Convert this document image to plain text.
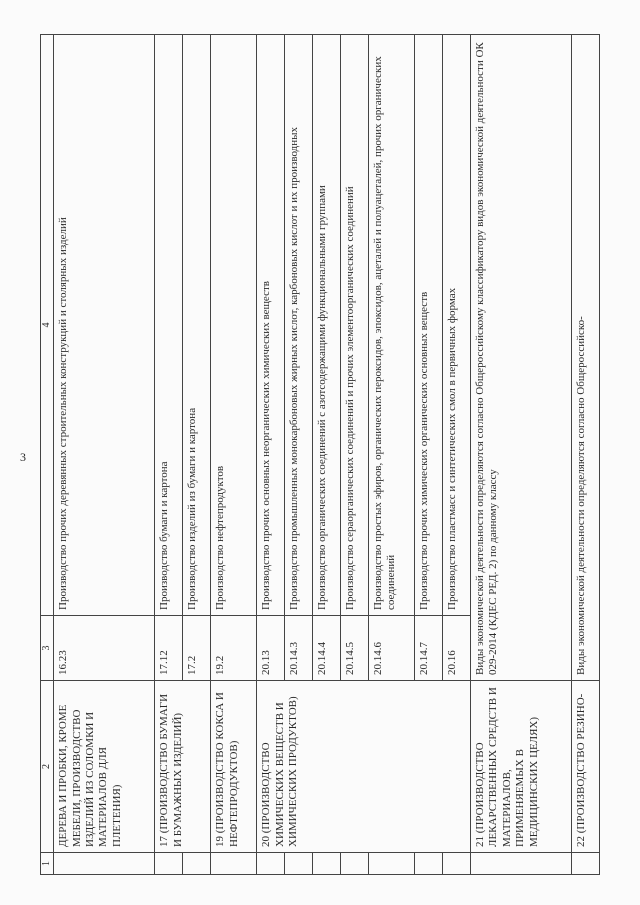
3
1	2	3	4
	ДЕРЕВА И ПРОБКИ, КРОМЕ МЕБЕЛИ, ПРОИЗВОДСТВО ИЗДЕЛИЙ ИЗ СОЛОМКИ И МАТЕРИАЛОВ ДЛЯ ПЛЕТЕНИЯ)	16.23	Производство прочих деревянных строительных конструкций и столярных изделий
	17 (ПРОИЗВОДСТВО БУМАГИ И БУМАЖНЫХ ИЗДЕЛИЙ)	17.12	Производство бумаги и картона
		17.2	Производство изделий из бумаги и картона
	19 (ПРОИЗВОДСТВО КОКСА И НЕФТЕПРОДУКТОВ)	19.2	Производство нефтепродуктов
	20 (ПРОИЗВОДСТВО ХИМИЧЕСКИХ ВЕЩЕСТВ И ХИМИЧЕСКИХ ПРОДУКТОВ)	20.13	Производство прочих основных неорганических химических веществ
		20.14.3	Производство промышленных монокарбоновых жирных кислот, карбоновых кислот и их производных
		20.14.4	Производство органических соединений с азотсодержащими функциональными группами
		20.14.5	Производство сераорганических соединений и прочих элементоорганических соединений
		20.14.6	Производство простых эфиров, органических пероксидов, эпоксидов, ацеталей и полуацеталей, прочих органических соединений
		20.14.7	Производство прочих химических органических основных веществ
		20.16	Производство пластмасс и синтетических смол в первичных формах
	21 (ПРОИЗВОДСТВО ЛЕКАРСТВЕННЫХ СРЕДСТВ И МАТЕРИАЛОВ, ПРИМЕНЯЕМЫХ В МЕДИЦИНСКИХ ЦЕЛЯХ)	Виды экономической деятельности определяются согласно Общероссийскому классификатору видов экономической деятельности ОК 029-2014 (КДЕС РЕД. 2) по данному классу	
	22 (ПРОИЗВОДСТВО РЕЗИНО-	Виды экономической деятельности определяются согласно Общероссийско-	
